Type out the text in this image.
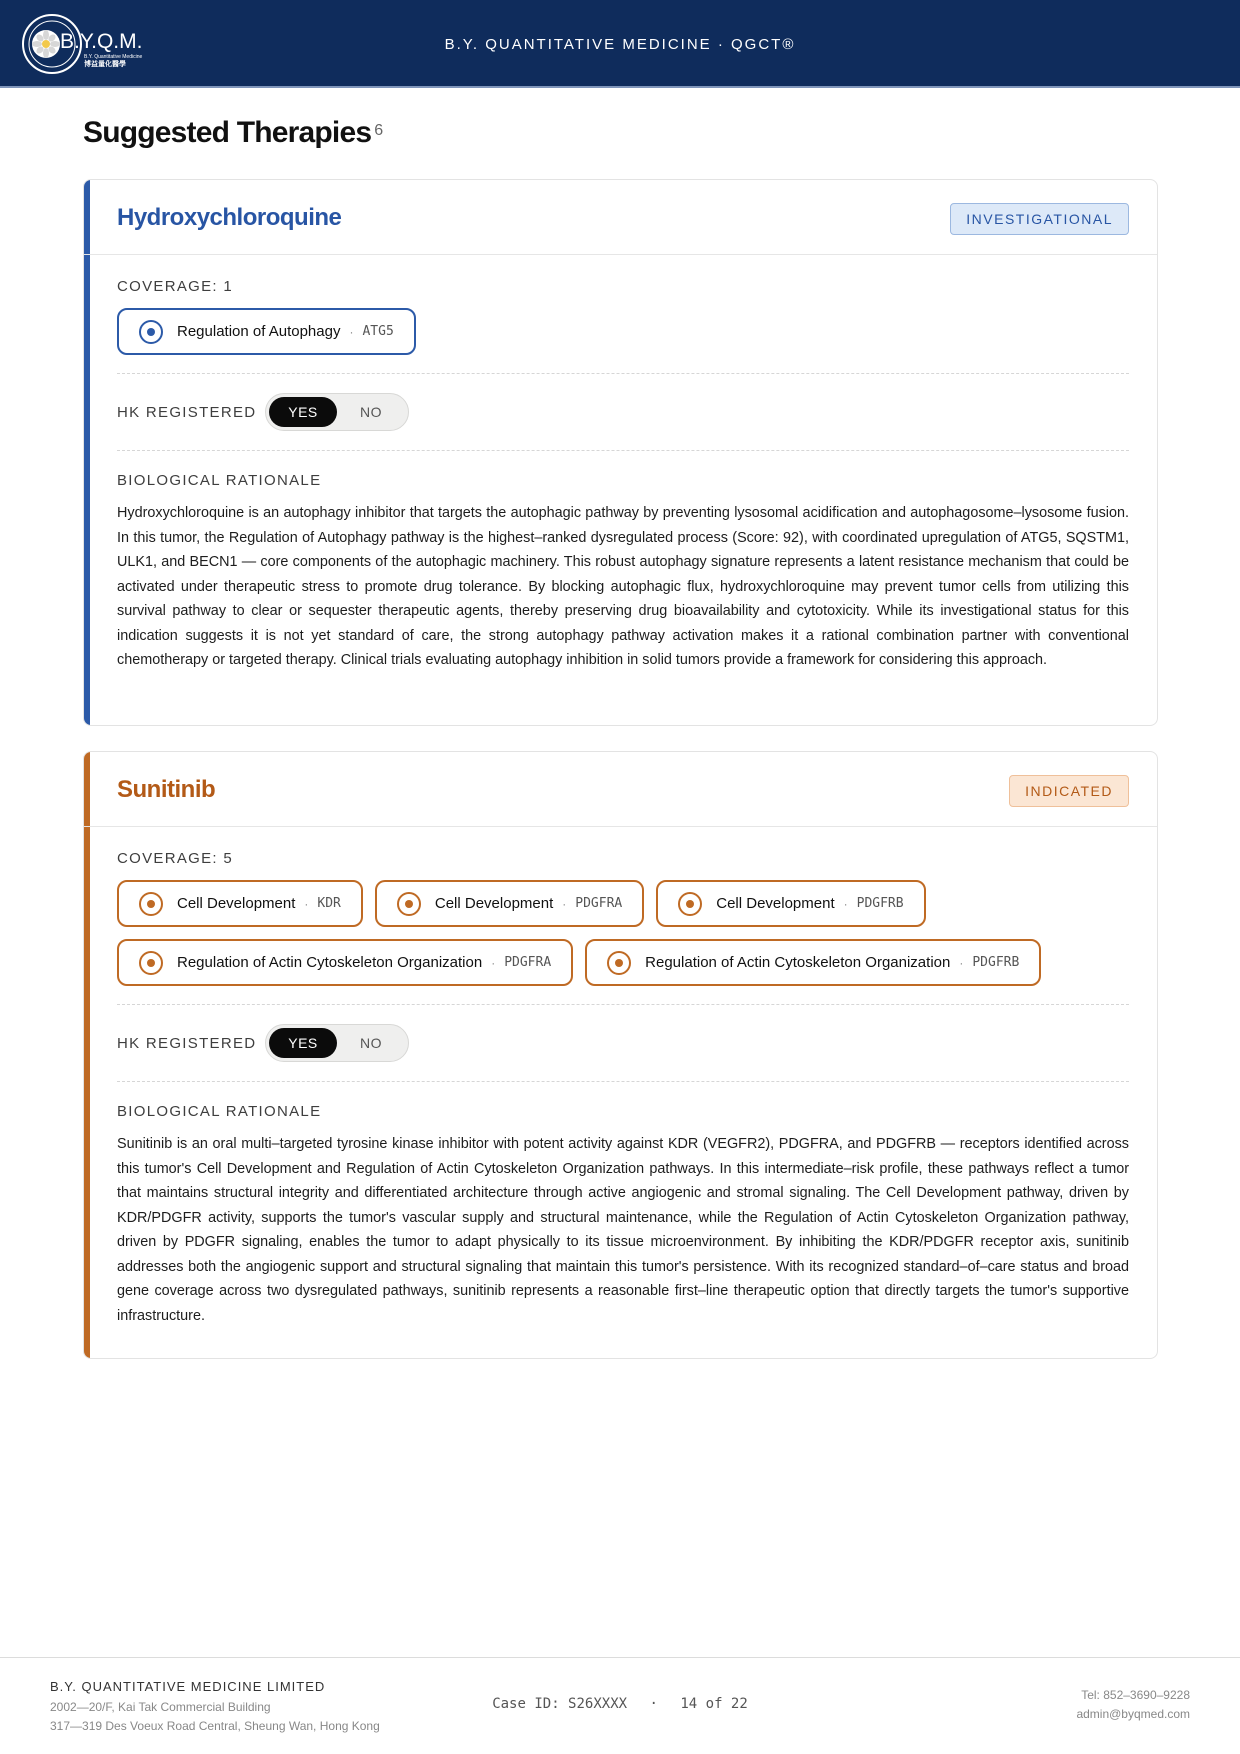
B.Y.Q.M.
B.Y. Quantitative Medicine
博益量化醫學
B.Y. QUANTITATIVE MEDICINE · QGCT®
Suggested Therapies $^6$
Hydroxychloroquine	INVESTIGATIONAL
COVERAGE: 1
Regulation of Autophagy · ATG5
HK REGISTERED	YES	NO
BIOLOGICAL RATIONALE

Hydroxychloroquine is an autophagy inhibitor that targets the autophagic pathway by preventing lysosomal acidification and autophagosome–lysosome fusion. In this tumor, the Regulation of Autophagy pathway is the highest–ranked dysregulated process (Score: 92), with coordinated upregulation of ATG5, SQSTM1, ULK1, and BECN1 — core components of the autophagic machinery. This robust autophagy signature represents a latent resistance mechanism that could be activated under therapeutic stress to promote drug tolerance. By blocking autophagic flux, hydroxychloroquine may prevent tumor cells from utilizing this survival pathway to clear or sequester therapeutic agents, thereby preserving drug bioavailability and cytotoxicity. While its investigational status for this indication suggests it is not yet standard of care, the strong autophagy pathway activation makes it a rational combination partner with conventional chemotherapy or targeted therapy. Clinical trials evaluating autophagy inhibition in solid tumors provide a framework for considering this approach.

Sunitinib	INDICATED
COVERAGE: 5
Cell Development · KDR	Cell Development · PDGFRA	Cell Development · PDGFRB
Regulation of Actin Cytoskeleton Organization · PDGFRA	Regulation of Actin Cytoskeleton Organization · PDGFRB
HK REGISTERED	YES	NO
BIOLOGICAL RATIONALE

Sunitinib is an oral multi–targeted tyrosine kinase inhibitor with potent activity against KDR (VEGFR2), PDGFRA, and PDGFRB — receptors identified across this tumor's Cell Development and Regulation of Actin Cytoskeleton Organization pathways. In this intermediate–risk profile, these pathways reflect a tumor that maintains structural integrity and differentiated architecture through active angiogenic and stromal signaling. The Cell Development pathway, driven by KDR/PDGFR activity, supports the tumor's vascular supply and structural maintenance, while the Regulation of Actin Cytoskeleton Organization pathway, driven by PDGFR signaling, enables the tumor to adapt physically to its tissue microenvironment. By inhibiting the KDR/PDGFR receptor axis, sunitinib addresses both the angiogenic support and structural signaling that maintain this tumor's persistence. With its recognized standard–of–care status and broad gene coverage across two dysregulated pathways, sunitinib represents a reasonable first–line therapeutic option that directly targets the tumor's supportive infrastructure.

B.Y. QUANTITATIVE MEDICINE LIMITED
2002—20/F, Kai Tak Commercial Building
317—319 Des Voeux Road Central, Sheung Wan, Hong Kong
Case ID: S26XXXX · 14 of 22
Tel: 852–3690–9228
admin@byqmed.com
